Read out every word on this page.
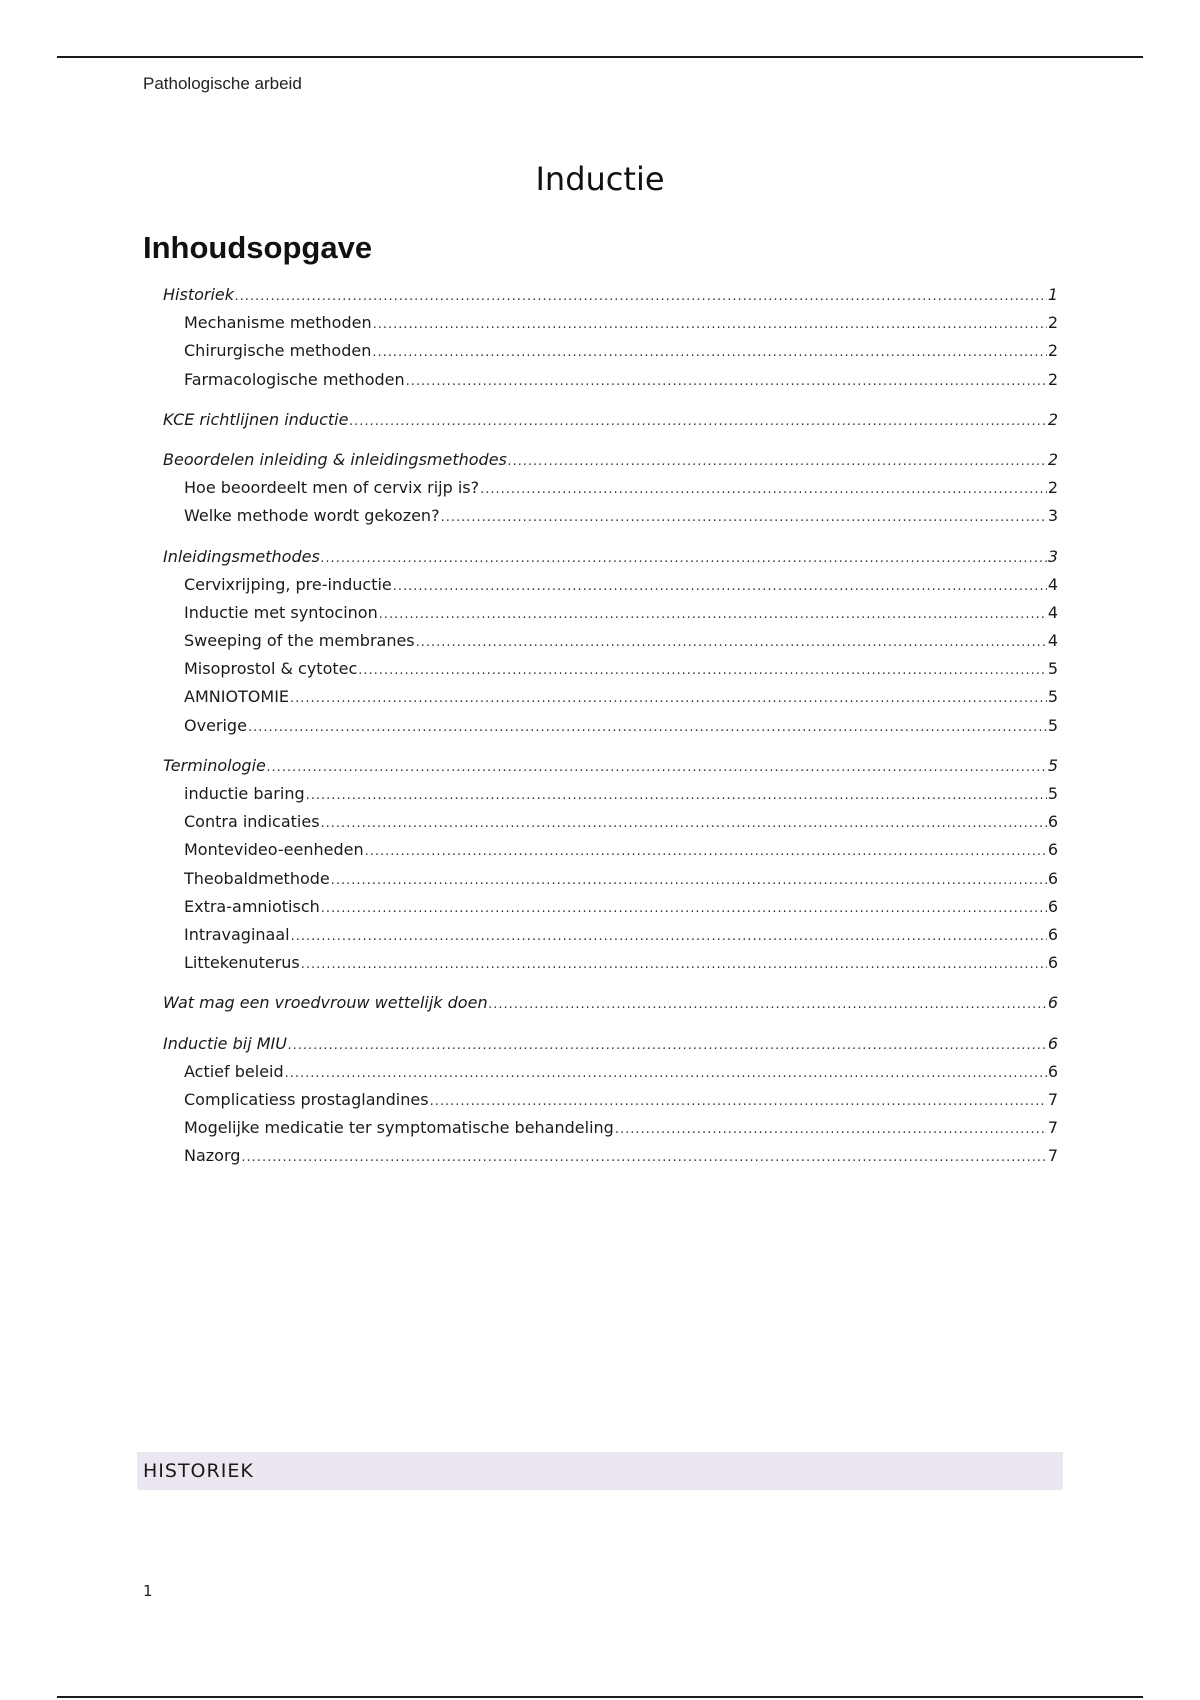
Pathologische arbeid
Inductie
Inhoudsopgave
Historiek .....	1
Mechanisme methoden .....	2
Chirurgische methoden .....	2
Farmacologische methoden .....	2
KCE richtlijnen inductie .....	2
Beoordelen inleiding & inleidingsmethodes .....	2
Hoe beoordeelt men of cervix rijp is? .....	2
Welke methode wordt gekozen? .....	3
Inleidingsmethodes .....	3
Cervixrijping, pre-inductie .....	4
Inductie met syntocinon .....	4
Sweeping of the membranes .....	4
Misoprostol & cytotec .....	5
AMNIOTOMIE .....	5
Overige .....	5
Terminologie .....	5
inductie baring .....	5
Contra indicaties .....	6
Montevideo-eenheden .....	6
Theobaldmethode .....	6
Extra-amniotisch .....	6
Intravaginaal .....	6
Littekenuterus .....	6
Wat mag een vroedvrouw wettelijk doen .....	6
Inductie bij MIU .....	6
Actief beleid .....	6
Complicatiess prostaglandines .....	7
Mogelijke medicatie ter symptomatische behandeling .....	7
Nazorg .....	7
HISTORIEK
1
